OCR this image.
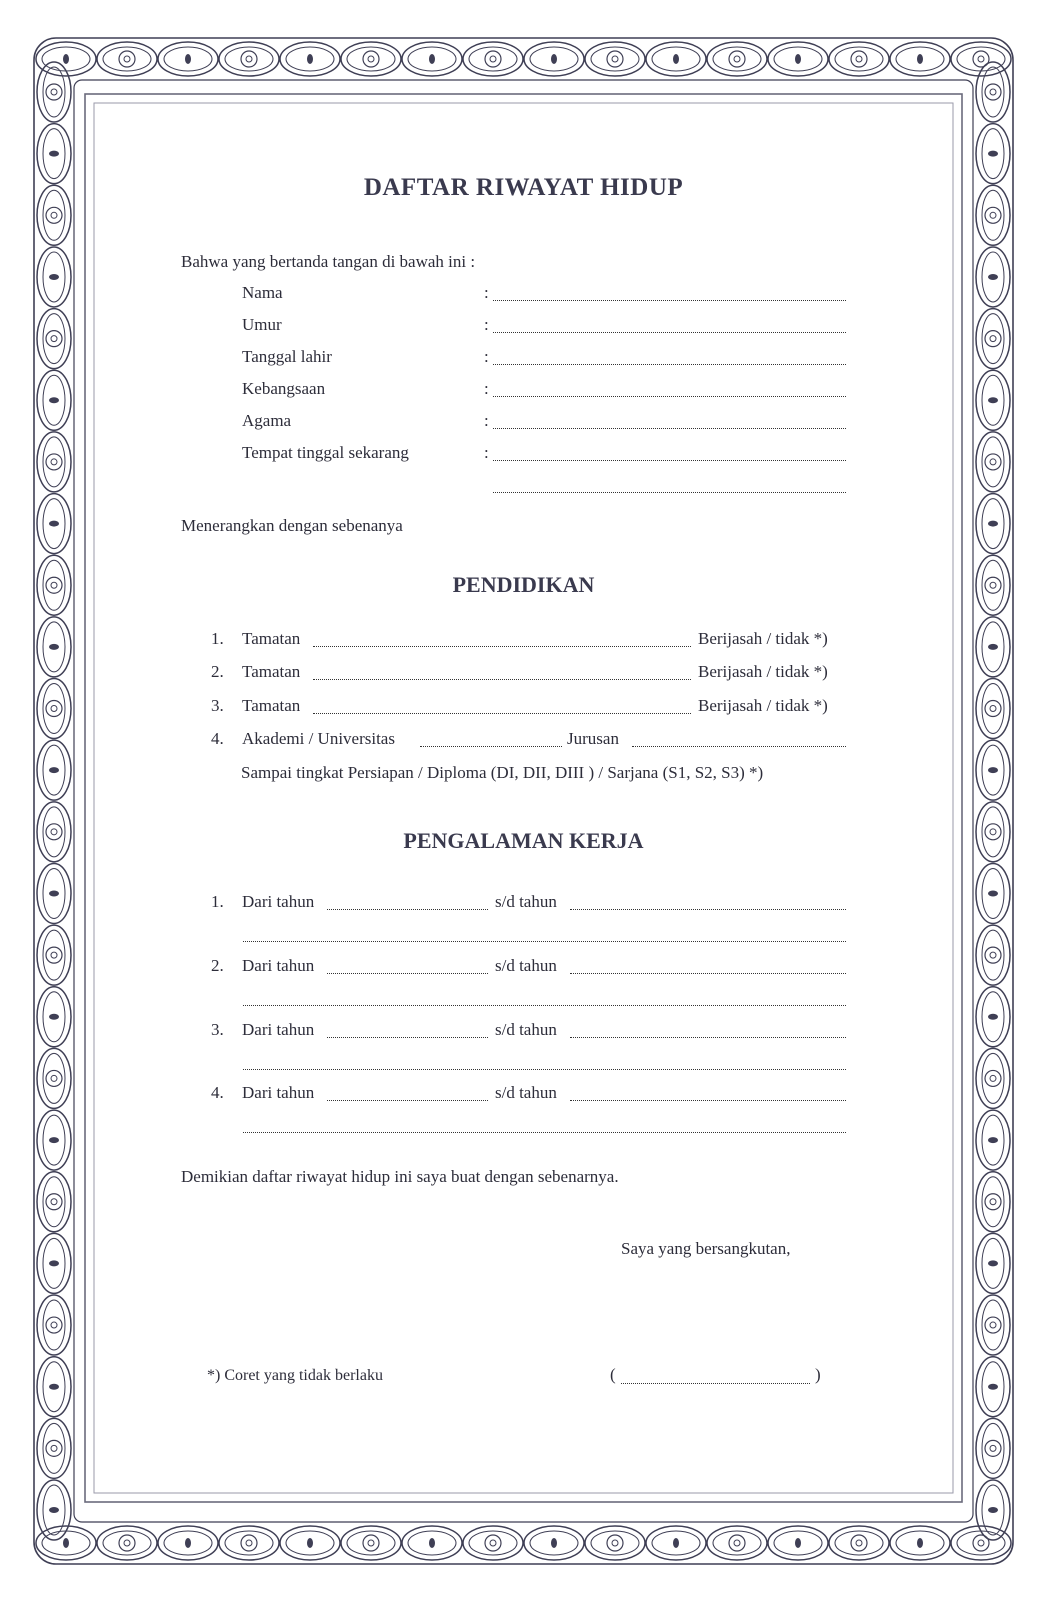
DAFTAR RIWAYAT HIDUP
Bahwa yang bertanda tangan di bawah ini :
Nama	:
Umur	:
Tanggal lahir	:
Kebangsaan	:
Agama	:
Tempat tinggal sekarang	:
Menerangkan dengan sebenanya
PENDIDIKAN
1. Tamatan	Berijasah / tidak *)
2. Tamatan	Berijasah / tidak *)
3. Tamatan	Berijasah / tidak *)
4. Akademi / Universitas	Jurusan
Sampai tingkat Persiapan / Diploma (DI, DII, DIII ) / Sarjana (S1, S2, S3) *)
PENGALAMAN KERJA
1. Dari tahun	s/d tahun
2. Dari tahun	s/d tahun
3. Dari tahun	s/d tahun
4. Dari tahun	s/d tahun
Demikian daftar riwayat hidup ini saya buat dengan sebenarnya.
Saya yang bersangkutan,
*) Coret yang tidak berlaku	(	)
